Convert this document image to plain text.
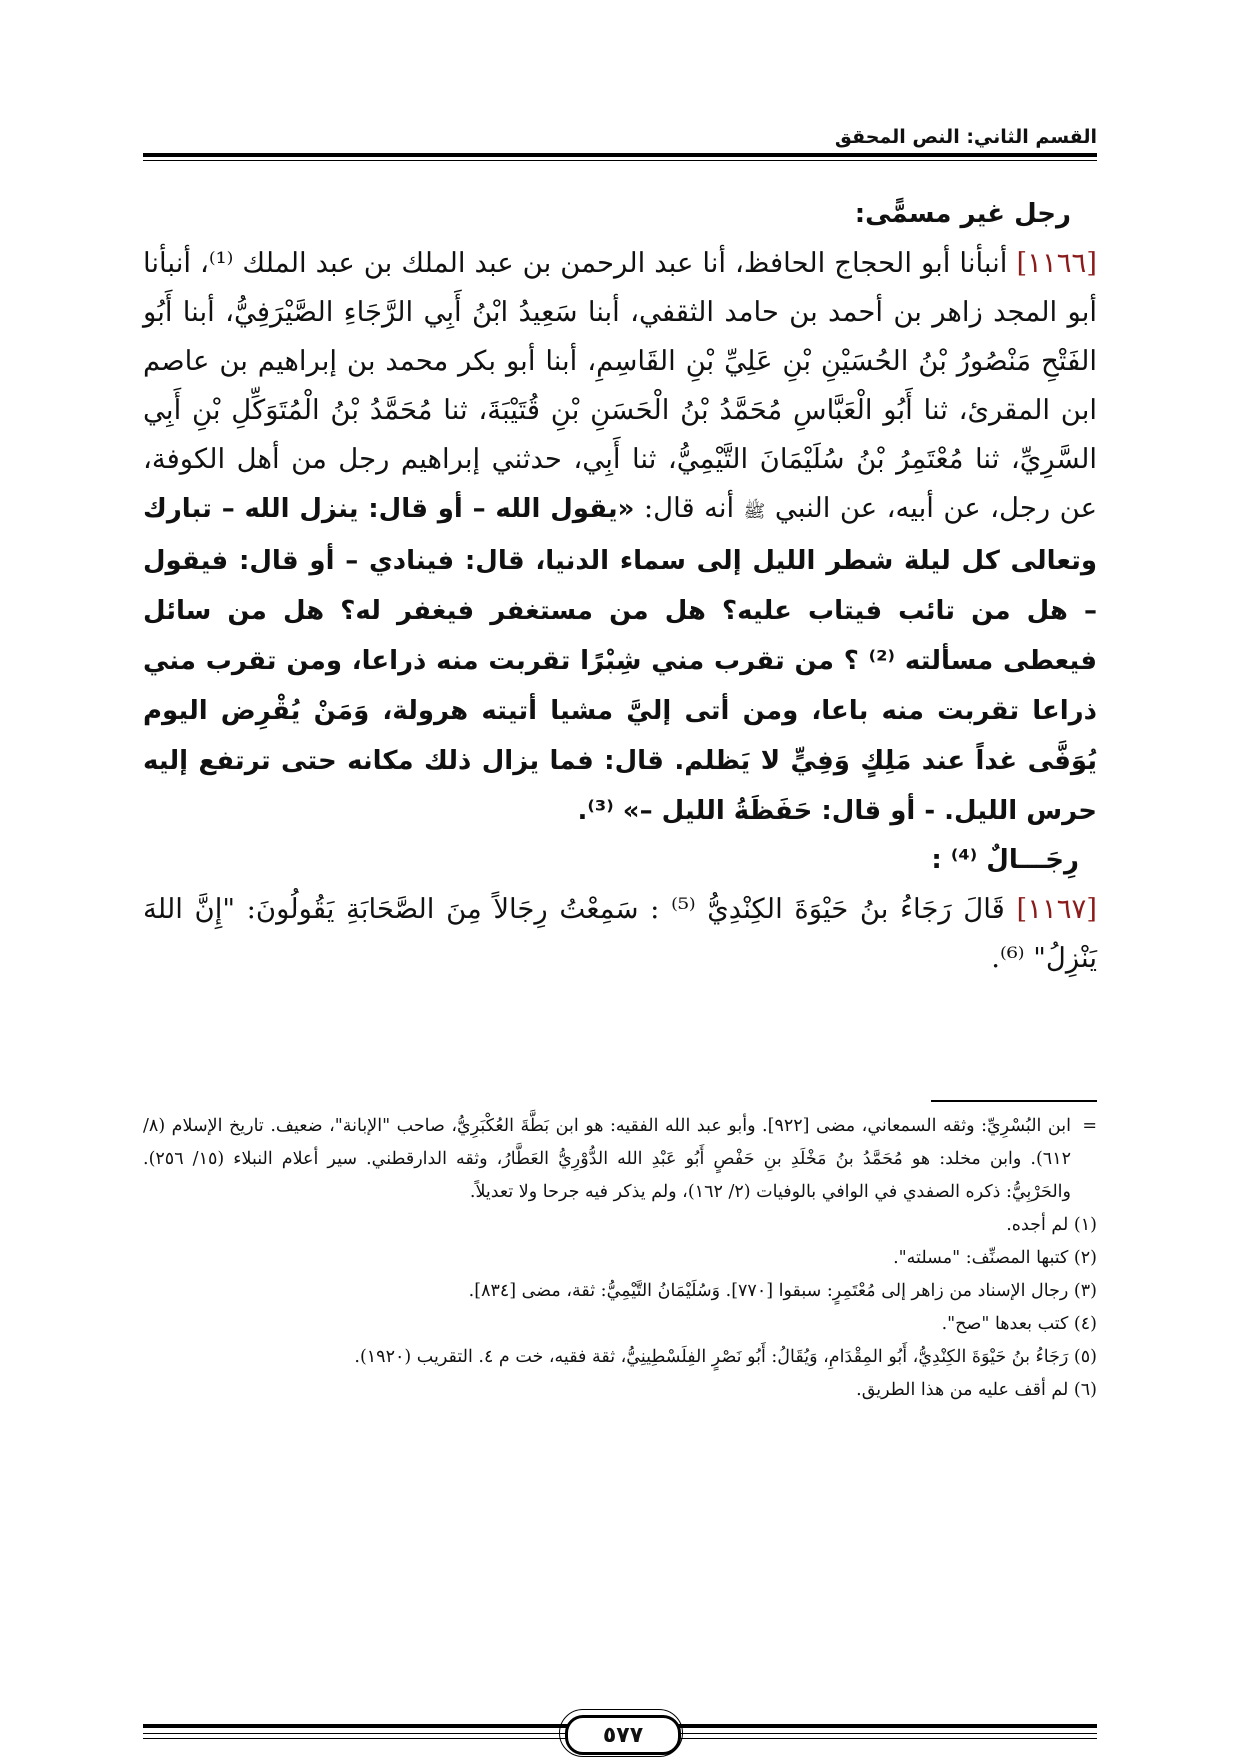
القسم الثاني: النص المحقق

رجل غير مسمًّى:

[١١٦٦] أنبأنا أبو الحجاج الحافظ، أنا عبد الرحمن بن عبد الملك بن عبد الملك ⁽¹⁾، أنبأنا أبو المجد زاهر بن أحمد بن حامد الثقفي، أبنا سَعِيدُ ابْنُ أَبِي الرَّجَاءِ الصَّيْرَفِيُّ، أبنا أَبُو الفَتْحِ مَنْصُورُ بْنُ الحُسَيْنِ بْنِ عَلِيِّ بْنِ القَاسِمِ، أبنا أبو بكر محمد بن إبراهيم بن عاصم ابن المقرئ، ثنا أَبُو الْعَبَّاسِ مُحَمَّدُ بْنُ الْحَسَنِ بْنِ قُتَيْبَةَ، ثنا مُحَمَّدُ بْنُ الْمُتَوَكِّلِ بْنِ أَبِي السَّرِيِّ، ثنا مُعْتَمِرُ بْنُ سُلَيْمَانَ التَّيْمِيُّ، ثنا أَبِي، حدثني إبراهيم رجل من أهل الكوفة، عن رجل، عن أبيه، عن النبي ﷺ أنه قال: «يقول الله – أو قال: ينزل الله – تبارك وتعالى كل ليلة شطر الليل إلى سماء الدنيا، قال: فينادي – أو قال: فيقول – هل من تائب فيتاب عليه؟ هل من مستغفر فيغفر له؟ هل من سائل فيعطى مسألته ⁽²⁾ ؟ من تقرب مني شِبْرًا تقربت منه ذراعا، ومن تقرب مني ذراعا تقربت منه باعا، ومن أتى إليَّ مشيا أتيته هرولة، وَمَنْ يُقْرِض اليوم يُوَفَّى غداً عند مَلِكٍ وَفِيٍّ لا يَظلم. قال: فما يزال ذلك مكانه حتى ترتفع إليه حرس الليل. - أو قال: حَفَظَةُ الليل –» ⁽³⁾.

رِجَـــالٌ ⁽⁴⁾ :

[١١٦٧] قَالَ رَجَاءُ بنُ حَيْوَةَ الكِنْدِيُّ ⁽⁵⁾ : سَمِعْتُ رِجَالاً مِنَ الصَّحَابَةِ يَقُولُونَ: "إِنَّ اللهَ يَنْزِلُ" ⁽⁶⁾.

=
ابن البُسْرِيِّ: وثقه السمعاني، مضى [٩٢٢]. وأبو عبد الله الفقيه: هو ابن بَطَّةَ العُكْبَرِيُّ، صاحب "الإبانة"، ضعيف. تاريخ الإسلام (٨/ ٦١٢). وابن مخلد: هو مُحَمَّدُ بنُ مَخْلَدِ بنِ حَفْصٍ أَبُو عَبْدِ الله الدُّوْرِيُّ العَطَّارُ، وثقه الدارقطني. سير أعلام النبلاء (١٥/ ٢٥٦). والحَرْبِيُّ: ذكره الصفدي في الوافي بالوفيات (٢/ ١٦٢)، ولم يذكر فيه جرحا ولا تعديلاً.

(١) لم أجده.

(٢) كتبها المصنِّف: "مسلته".

(٣) رجال الإسناد من زاهر إلى مُعْتَمِرٍ: سبقوا [٧٧٠]. وَسُلَيْمَانُ التَّيْمِيُّ: ثقة، مضى [٨٣٤].

(٤) كتب بعدها "صح".

(٥) رَجَاءُ بنُ حَيْوَةَ الكِنْدِيُّ، أَبُو المِقْدَامِ، وَيُقَالُ: أَبُو نَصْرٍ الفِلَسْطِينِيُّ، ثقة فقيه، خت م ٤. التقريب (١٩٢٠).

(٦) لم أقف عليه من هذا الطريق.

٥٧٧
